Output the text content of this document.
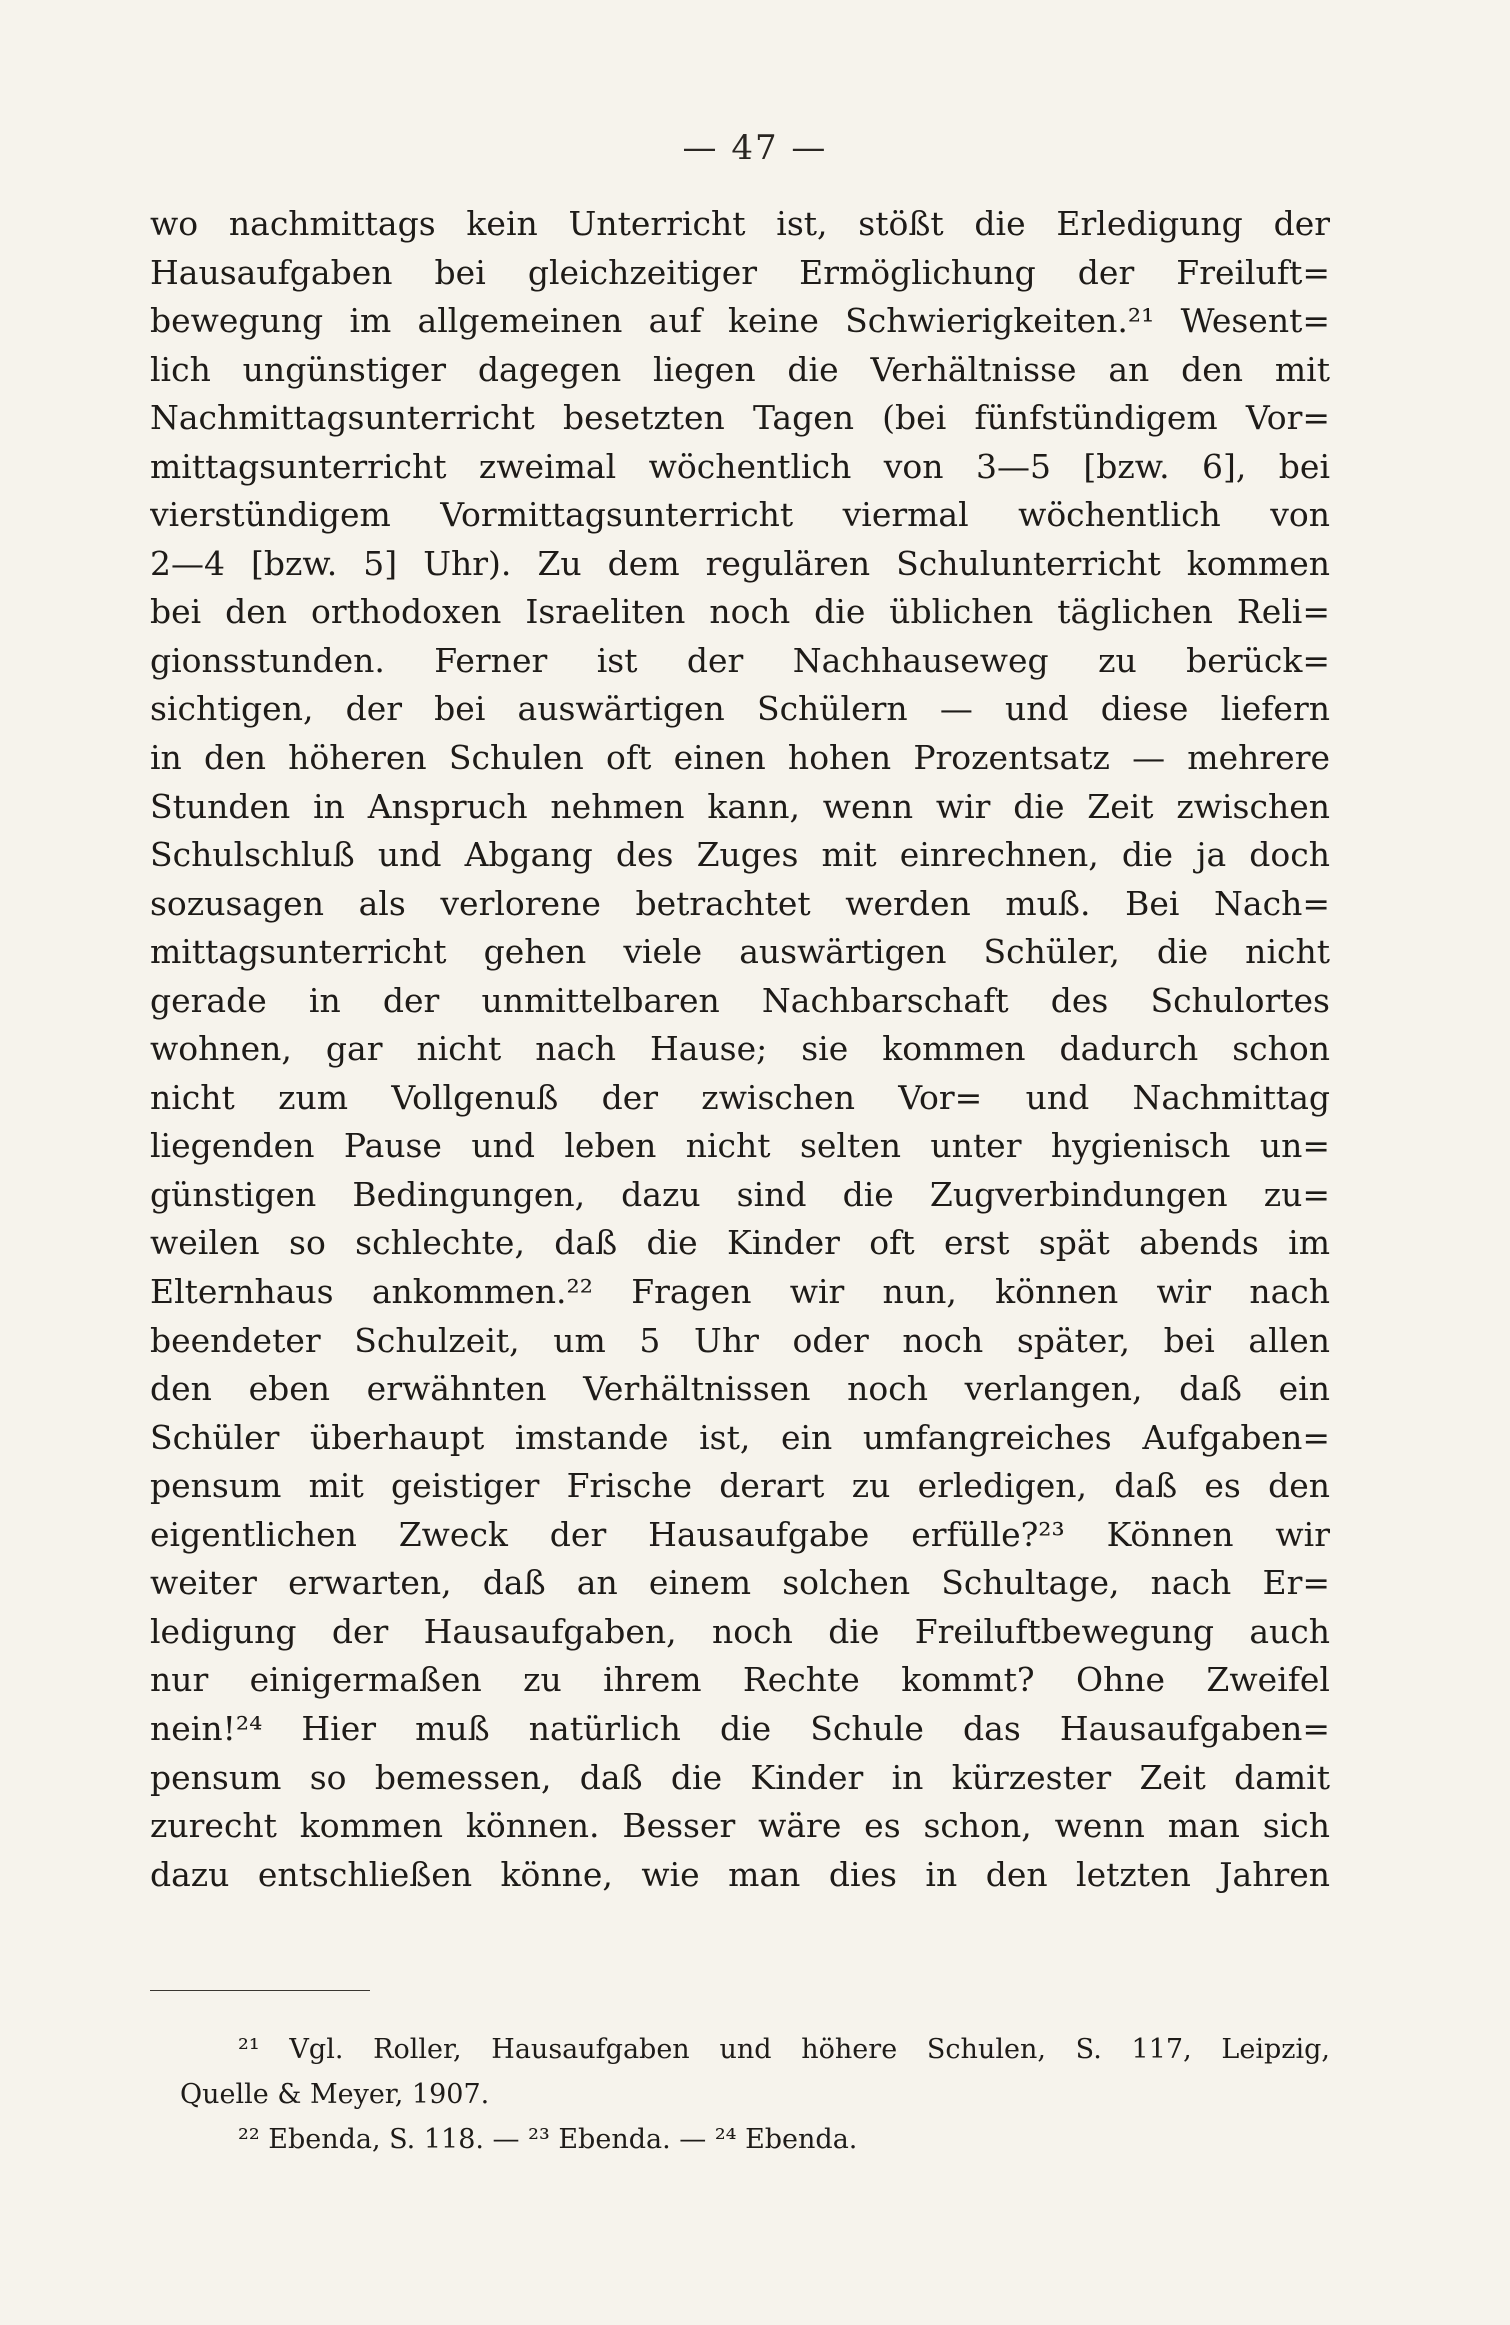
— 47 —
wo nachmittags kein Unterricht ist, stößt die Erledigung der
Hausaufgaben bei gleichzeitiger Ermöglichung der Freiluft=
bewegung im allgemeinen auf keine Schwierigkeiten.²¹ Wesent=
lich ungünstiger dagegen liegen die Verhältnisse an den mit
Nachmittagsunterricht besetzten Tagen (bei fünfstündigem Vor=
mittagsunterricht zweimal wöchentlich von 3—5 [bzw. 6], bei
vierstündigem Vormittagsunterricht viermal wöchentlich von
2—4 [bzw. 5] Uhr). Zu dem regulären Schulunterricht kommen
bei den orthodoxen Israeliten noch die üblichen täglichen Reli=
gionsstunden. Ferner ist der Nachhauseweg zu berück=
sichtigen, der bei auswärtigen Schülern — und diese liefern
in den höheren Schulen oft einen hohen Prozentsatz — mehrere
Stunden in Anspruch nehmen kann, wenn wir die Zeit zwischen
Schulschluß und Abgang des Zuges mit einrechnen, die ja doch
sozusagen als verlorene betrachtet werden muß. Bei Nach=
mittagsunterricht gehen viele auswärtigen Schüler, die nicht
gerade in der unmittelbaren Nachbarschaft des Schulortes
wohnen, gar nicht nach Hause; sie kommen dadurch schon
nicht zum Vollgenuß der zwischen Vor= und Nachmittag
liegenden Pause und leben nicht selten unter hygienisch un=
günstigen Bedingungen, dazu sind die Zugverbindungen zu=
weilen so schlechte, daß die Kinder oft erst spät abends im
Elternhaus ankommen.²² Fragen wir nun, können wir nach
beendeter Schulzeit, um 5 Uhr oder noch später, bei allen
den eben erwähnten Verhältnissen noch verlangen, daß ein
Schüler überhaupt imstande ist, ein umfangreiches Aufgaben=
pensum mit geistiger Frische derart zu erledigen, daß es den
eigentlichen Zweck der Hausaufgabe erfülle?²³ Können wir
weiter erwarten, daß an einem solchen Schultage, nach Er=
ledigung der Hausaufgaben, noch die Freiluftbewegung auch
nur einigermaßen zu ihrem Rechte kommt? Ohne Zweifel
nein!²⁴ Hier muß natürlich die Schule das Hausaufgaben=
pensum so bemessen, daß die Kinder in kürzester Zeit damit
zurecht kommen können. Besser wäre es schon, wenn man sich
dazu entschließen könne, wie man dies in den letzten Jahren
²¹ Vgl. Roller, Hausaufgaben und höhere Schulen, S. 117, Leipzig,
Quelle & Meyer, 1907.
²² Ebenda, S. 118. — ²³ Ebenda. — ²⁴ Ebenda.
